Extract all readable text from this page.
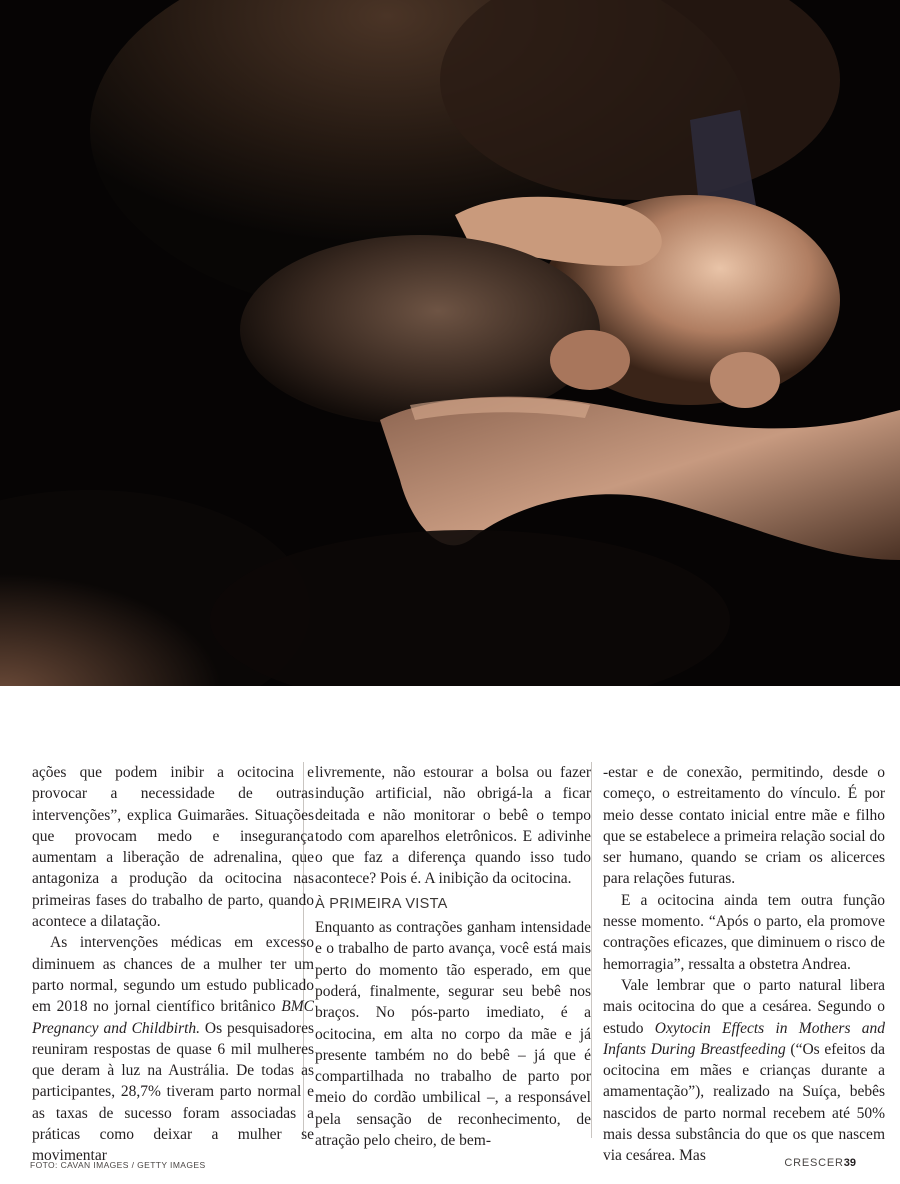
ações que podem inibir a ocitocina e provocar a necessidade de outras intervenções”, explica Guimarães. Situações que provocam medo e insegurança aumentam a liberação de adrenalina, que antagoniza a produção da ocitocina nas primeiras fases do trabalho de parto, quando acontece a dilatação.

As intervenções médicas em excesso diminuem as chances de a mulher ter um parto normal, segundo um estudo publicado em 2018 no jornal científico britânico BMC Pregnancy and Childbirth. Os pesquisadores reuniram respostas de quase 6 mil mulheres que deram à luz na Austrália. De todas as participantes, 28,7% tiveram parto normal e as taxas de sucesso foram associadas a práticas como deixar a mulher se movimentar

livremente, não estourar a bolsa ou fazer indução artificial, não obrigá-la a ficar deitada e não monitorar o bebê o tempo todo com aparelhos eletrônicos. E adivinhe o que faz a diferença quando isso tudo acontece? Pois é. A inibição da ocitocina.

À PRIMEIRA VISTA

Enquanto as contrações ganham intensidade e o trabalho de parto avança, você está mais perto do momento tão esperado, em que poderá, finalmente, segurar seu bebê nos braços. No pós-parto imediato, é a ocitocina, em alta no corpo da mãe e já presente também no do bebê – já que é compartilhada no trabalho de parto por meio do cordão umbilical –, a responsável pela sensação de reconhecimento, de atração pelo cheiro, de bem-

-estar e de conexão, permitindo, desde o começo, o estreitamento do vínculo. É por meio desse contato inicial entre mãe e filho que se estabelece a primeira relação social do ser humano, quando se criam os alicerces para relações futuras.

E a ocitocina ainda tem outra função nesse momento. “Após o parto, ela promove contrações eficazes, que diminuem o risco de hemorragia”, ressalta a obstetra Andrea.

Vale lembrar que o parto natural libera mais ocitocina do que a cesárea. Segundo o estudo Oxytocin Effects in Mothers and Infants During Breastfeeding (“Os efeitos da ocitocina em mães e crianças durante a amamentação”), realizado na Suíça, bebês nascidos de parto normal recebem até 50% mais dessa substância do que os que nascem via cesárea. Mas

FOTO: CAVAN IMAGES / GETTY IMAGES	CRESCER39
